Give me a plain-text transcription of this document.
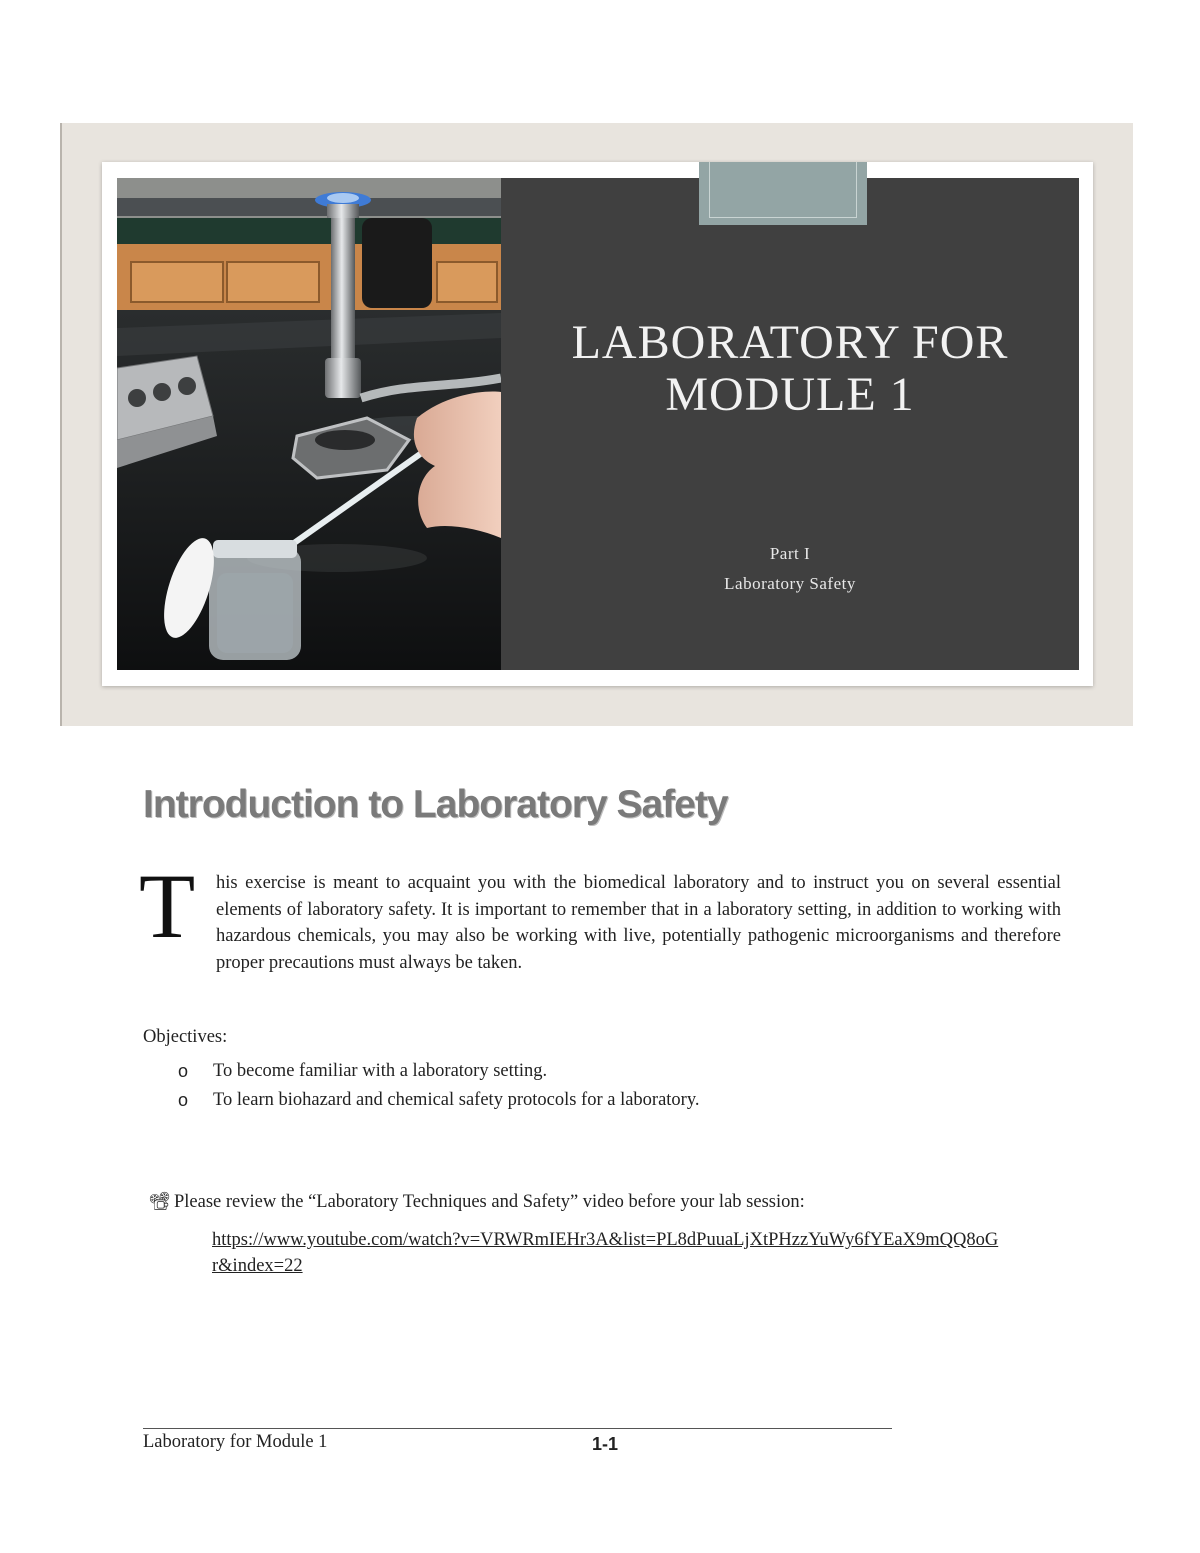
LABORATORY FOR
MODULE 1
Part I
Laboratory Safety
Introduction to Laboratory Safety
T	his exercise is meant to acquaint you with the biomedical laboratory and to instruct you on several essential elements of laboratory safety. It is important to remember that in a laboratory setting, in addition to working with hazardous chemicals, you may also be working with live, potentially pathogenic microorganisms and therefore proper precautions must always be taken.
Objectives:
o To become familiar with a laboratory setting.
o To learn biohazard and chemical safety protocols for a laboratory.
📽 Please review the “Laboratory Techniques and Safety” video before your lab session:
https://www.youtube.com/watch?v=VRWRmIEHr3A&list=PL8dPuuaLjXtPHzzYuWy6fYEaX9mQQ8oGr&index=22
Laboratory for Module 1	1-1
